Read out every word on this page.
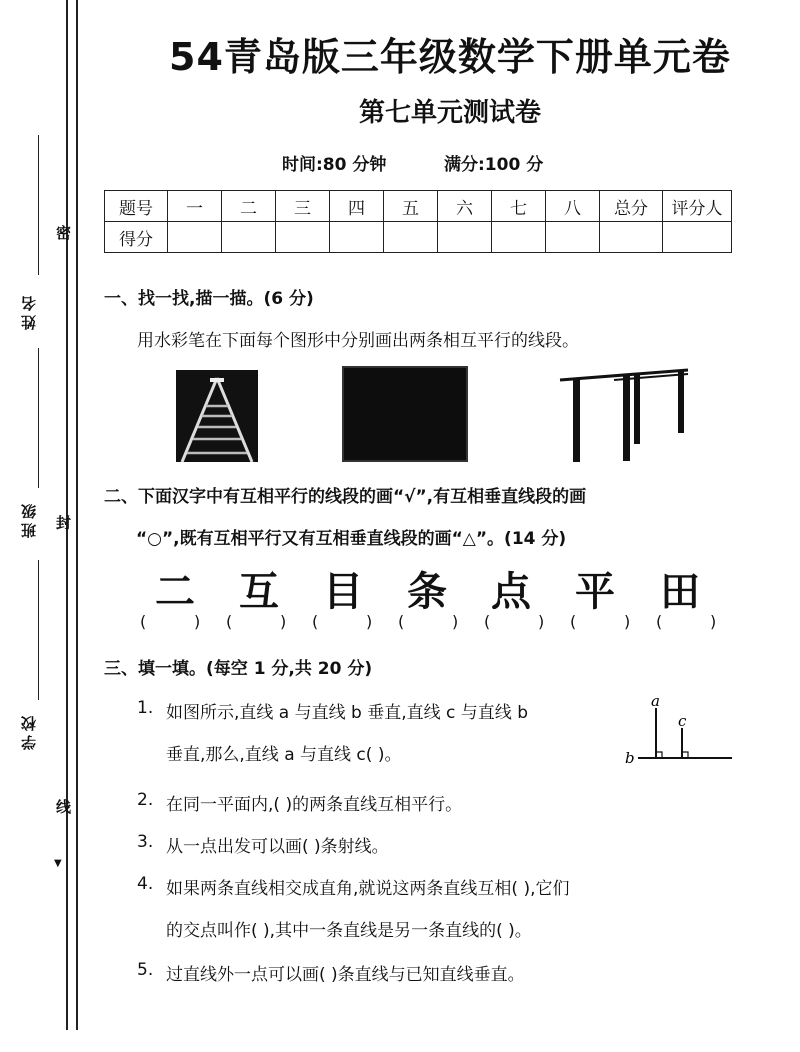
密
封
线
▼
姓名
班级
学校
54青岛版三年级数学下册单元卷
第七单元测试卷
时间:80 分钟	满分:100 分
题号	一	二	三	四	五	六	七	八	总分	评分人
得分										
一、找一找,描一描。(6 分)
用水彩笔在下面每个图形中分别画出两条相互平行的线段。
二、下面汉字中有互相平行的线段的画“√”,有互相垂直线段的画
“○”,既有互相平行又有互相垂直线段的画“△”。(14 分)
二 互 目 条 点 平 田
(	) (	) (	) (	) (	) (	) (	)
三、填一填。(每空 1 分,共 20 分)
1. 如图所示,直线 a 与直线 b 垂直,直线 c 与直线 b
垂直,那么,直线 a 与直线 c( )。
a
c
b
2. 在同一平面内,( )的两条直线互相平行。
3. 从一点出发可以画( )条射线。
4. 如果两条直线相交成直角,就说这两条直线互相( ),它们
的交点叫作( ),其中一条直线是另一条直线的( )。
5. 过直线外一点可以画( )条直线与已知直线垂直。
